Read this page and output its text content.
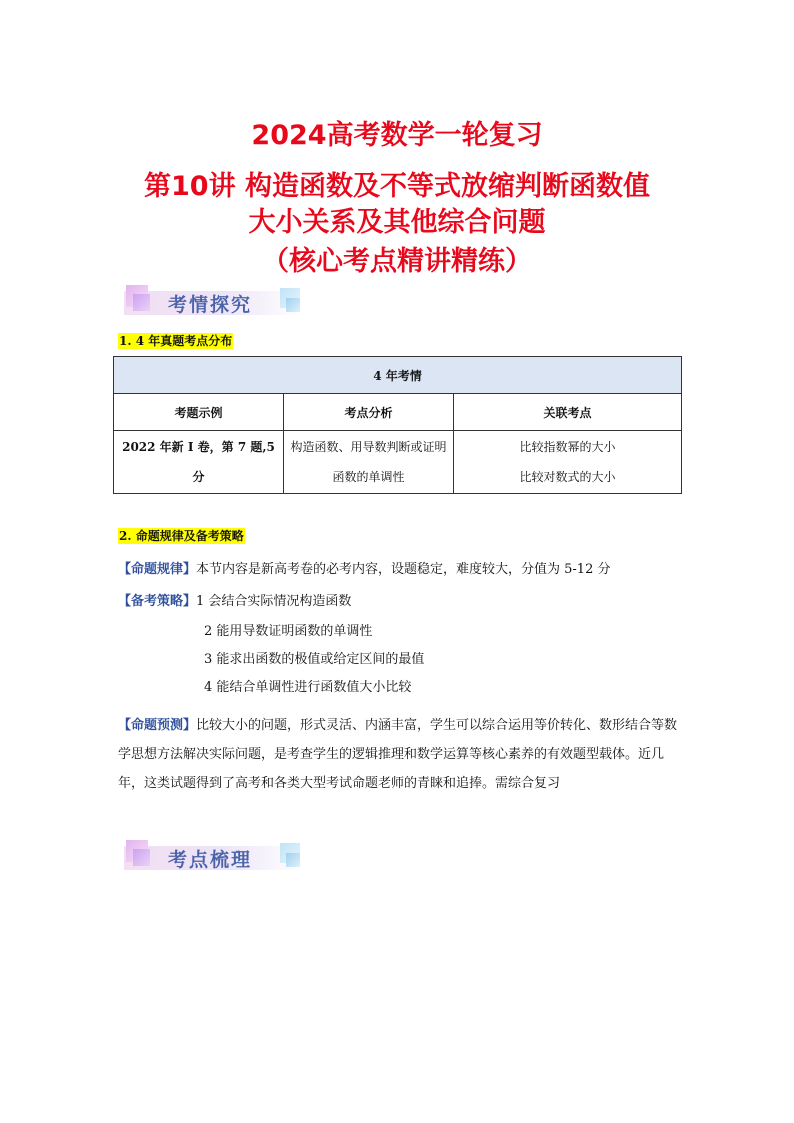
2024高考数学一轮复习
第10讲 构造函数及不等式放缩判断函数值
大小关系及其他综合问题
（核心考点精讲精练）
考情探究
1. 4 年真题考点分布
4 年考情		
考题示例	考点分析	关联考点

2022 年新 I 卷，第 7 题,5 分	构造函数、用导数判断或证明函数的单调性	比较指数幂的大小
比较对数式的大小
2. 命题规律及备考策略
【命题规律】本节内容是新高考卷的必考内容，设题稳定，难度较大，分值为 5-12 分
【备考策略】1 会结合实际情况构造函数
2 能用导数证明函数的单调性
3 能求出函数的极值或给定区间的最值
4 能结合单调性进行函数值大小比较
【命题预测】比较大小的问题，形式灵活、内涵丰富，学生可以综合运用等价转化、数形结合等数学思想方法解决实际问题，是考查学生的逻辑推理和数学运算等核心素养的有效题型载体。近几年，这类试题得到了高考和各类大型考试命题老师的青睐和追捧。需综合复习
考点梳理
